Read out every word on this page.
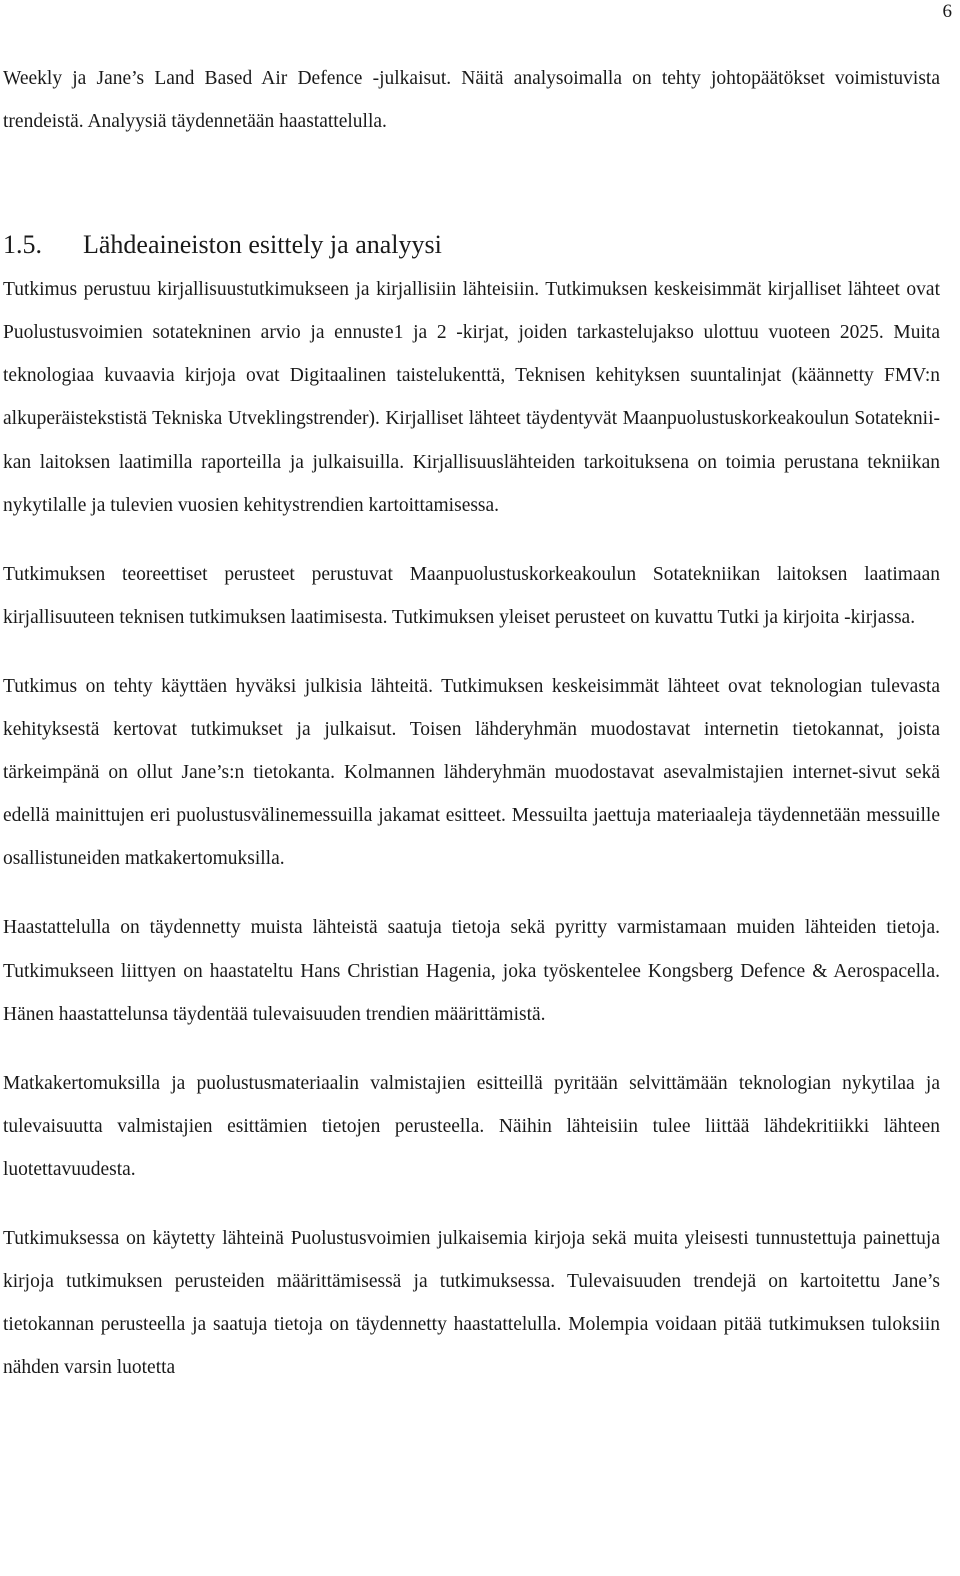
6

Weekly ja Jane’s Land Based Air Defence -julkaisut. Näitä analysoimalla on tehty johtopäätökset voimistuvista trendeistä. Analyysiä täydennetään haastattelulla.

1.5.	Lähdeaineiston esittely ja analyysi

Tutkimus perustuu kirjallisuustutkimukseen ja kirjallisiin lähteisiin. Tutkimuksen keskeisimmät kirjalliset lähteet ovat Puolustusvoimien sotatekninen arvio ja ennuste1 ja 2 -kirjat, joiden tarkastelujakso ulottuu vuoteen 2025. Muita teknologiaa kuvaavia kirjoja ovat Digitaalinen taistelukenttä, Teknisen kehityksen suuntalinjat (käännetty FMV:n alkuperäistekstistä Tekniska Utveklingstrender). Kirjalliset lähteet täydentyvät Maanpuolustuskorkeakoulun Sotatekniikan laitoksen laatimilla raporteilla ja julkaisuilla. Kirjallisuuslähteiden tarkoituksena on toimia perustana tekniikan nykytilalle ja tulevien vuosien kehitystrendien kartoittamisessa.

Tutkimuksen teoreettiset perusteet perustuvat Maanpuolustuskorkeakoulun Sotatekniikan laitoksen laatimaan kirjallisuuteen teknisen tutkimuksen laatimisesta. Tutkimuksen yleiset perusteet on kuvattu Tutki ja kirjoita -kirjassa.

Tutkimus on tehty käyttäen hyväksi julkisia lähteitä. Tutkimuksen keskeisimmät lähteet ovat teknologian tulevasta kehityksestä kertovat tutkimukset ja julkaisut. Toisen lähderyhmän muodostavat internetin tietokannat, joista tärkeimpänä on ollut Jane’s:n tietokanta. Kolmannen lähderyhmän muodostavat asevalmistajien internet-sivut sekä edellä mainittujen eri puolustusvälinemessuilla jakamat esitteet. Messuilta jaettuja materiaaleja täydennetään messuille osallistuneiden matkakertomuksilla.

Haastattelulla on täydennetty muista lähteistä saatuja tietoja sekä pyritty varmistamaan muiden lähteiden tietoja. Tutkimukseen liittyen on haastateltu Hans Christian Hagenia, joka työskentelee Kongsberg Defence & Aerospacella. Hänen haastattelunsa täydentää tulevaisuuden trendien määrittämistä.

Matkakertomuksilla ja puolustusmateriaalin valmistajien esitteillä pyritään selvittämään teknologian nykytilaa ja tulevaisuutta valmistajien esittämien tietojen perusteella. Näihin lähteisiin tulee liittää lähdekritiikki lähteen luotettavuudesta.

Tutkimuksessa on käytetty lähteinä Puolustusvoimien julkaisemia kirjoja sekä muita yleisesti tunnustettuja painettuja kirjoja tutkimuksen perusteiden määrittämisessä ja tutkimuksessa. Tulevaisuuden trendejä on kartoitettu Jane’s tietokannan perusteella ja saatuja tietoja on täydennetty haastattelulla. Molempia voidaan pitää tutkimuksen tuloksiin nähden varsin luotetta
